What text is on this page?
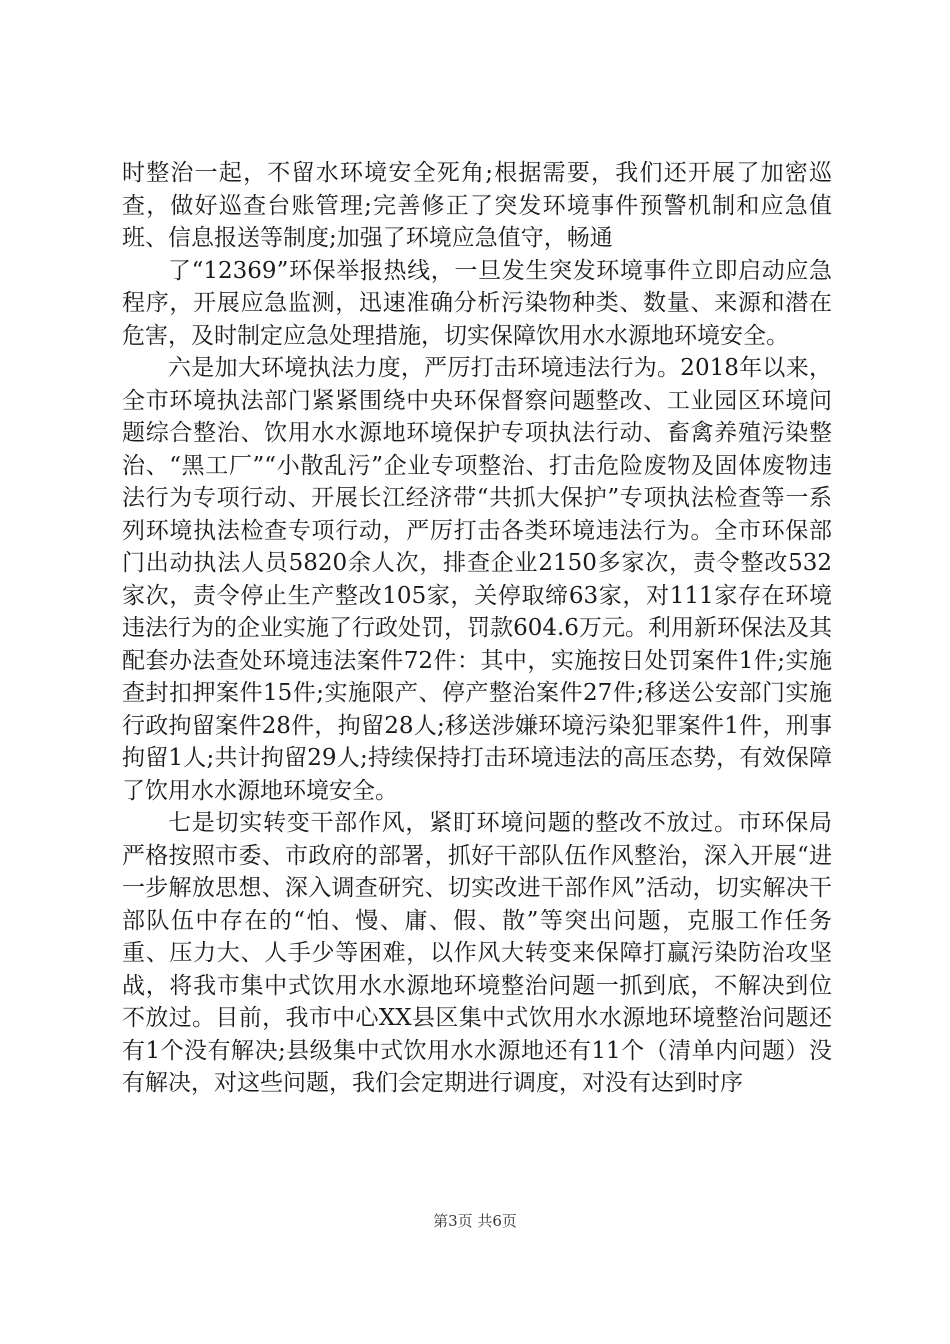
时整治一起，不留水环境安全死角;根据需要，我们还开展了加密巡查，做好巡查台账管理;完善修正了突发环境事件预警机制和应急值班、信息报送等制度;加强了环境应急值守，畅通

了“12369”环保举报热线，一旦发生突发环境事件立即启动应急程序，开展应急监测，迅速准确分析污染物种类、数量、来源和潜在危害，及时制定应急处理措施，切实保障饮用水水源地环境安全。

六是加大环境执法力度，严厉打击环境违法行为。2018年以来，全市环境执法部门紧紧围绕中央环保督察问题整改、工业园区环境问题综合整治、饮用水水源地环境保护专项执法行动、畜禽养殖污染整治、“黑工厂”“小散乱污”企业专项整治、打击危险废物及固体废物违法行为专项行动、开展长江经济带“共抓大保护”专项执法检查等一系列环境执法检查专项行动，严厉打击各类环境违法行为。全市环保部门出动执法人员5820余人次，排查企业2150多家次，责令整改532家次，责令停止生产整改105家，关停取缔63家，对111家存在环境违法行为的企业实施了行政处罚，罚款604.6万元。利用新环保法及其配套办法查处环境违法案件72件：其中，实施按日处罚案件1件;实施查封扣押案件15件;实施限产、停产整治案件27件;移送公安部门实施行政拘留案件28件，拘留28人;移送涉嫌环境污染犯罪案件1件，刑事拘留1人;共计拘留29人;持续保持打击环境违法的高压态势，有效保障了饮用水水源地环境安全。

七是切实转变干部作风，紧盯环境问题的整改不放过。市环保局严格按照市委、市政府的部署，抓好干部队伍作风整治，深入开展“进一步解放思想、深入调查研究、切实改进干部作风”活动，切实解决干部队伍中存在的“怕、慢、庸、假、散”等突出问题，克服工作任务重、压力大、人手少等困难，以作风大转变来保障打赢污染防治攻坚战，将我市集中式饮用水水源地环境整治问题一抓到底，不解决到位不放过。目前，我市中心XX县区集中式饮用水水源地环境整治问题还有1个没有解决;县级集中式饮用水水源地还有11个（清单内问题）没有解决，对这些问题，我们会定期进行调度，对没有达到时序

第3页 共6页
